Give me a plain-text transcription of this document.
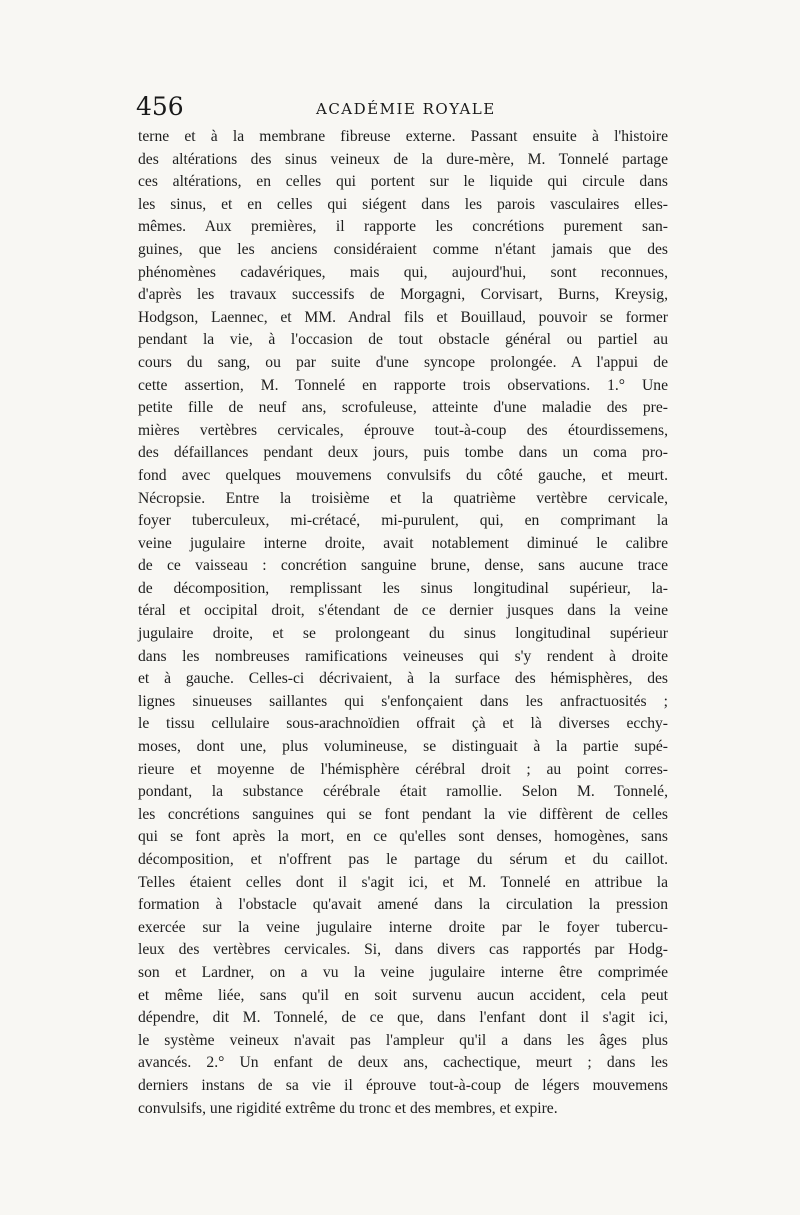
456	ACADÉMIE ROYALE
terne et à la membrane fibreuse externe. Passant ensuite à l'histoire
des altérations des sinus veineux de la dure-mère, M. Tonnelé partage
ces altérations, en celles qui portent sur le liquide qui circule dans
les sinus, et en celles qui siégent dans les parois vasculaires elles-
mêmes. Aux premières, il rapporte les concrétions purement san-
guines, que les anciens considéraient comme n'étant jamais que des
phénomènes cadavériques, mais qui, aujourd'hui, sont reconnues,
d'après les travaux successifs de Morgagni, Corvisart, Burns, Kreysig,
Hodgson, Laennec, et MM. Andral fils et Bouillaud, pouvoir se former
pendant la vie, à l'occasion de tout obstacle général ou partiel au
cours du sang, ou par suite d'une syncope prolongée. A l'appui de
cette assertion, M. Tonnelé en rapporte trois observations. 1.° Une
petite fille de neuf ans, scrofuleuse, atteinte d'une maladie des pre-
mières vertèbres cervicales, éprouve tout-à-coup des étourdissemens,
des défaillances pendant deux jours, puis tombe dans un coma pro-
fond avec quelques mouvemens convulsifs du côté gauche, et meurt.
Nécropsie. Entre la troisième et la quatrième vertèbre cervicale,
foyer tuberculeux, mi-crétacé, mi-purulent, qui, en comprimant la
veine jugulaire interne droite, avait notablement diminué le calibre
de ce vaisseau : concrétion sanguine brune, dense, sans aucune trace
de décomposition, remplissant les sinus longitudinal supérieur, la-
téral et occipital droit, s'étendant de ce dernier jusques dans la veine
jugulaire droite, et se prolongeant du sinus longitudinal supérieur
dans les nombreuses ramifications veineuses qui s'y rendent à droite
et à gauche. Celles-ci décrivaient, à la surface des hémisphères, des
lignes sinueuses saillantes qui s'enfonçaient dans les anfractuosités ;
le tissu cellulaire sous-arachnoïdien offrait çà et là diverses ecchy-
moses, dont une, plus volumineuse, se distinguait à la partie supé-
rieure et moyenne de l'hémisphère cérébral droit ; au point corres-
pondant, la substance cérébrale était ramollie. Selon M. Tonnelé,
les concrétions sanguines qui se font pendant la vie diffèrent de celles
qui se font après la mort, en ce qu'elles sont denses, homogènes, sans
décomposition, et n'offrent pas le partage du sérum et du caillot.
Telles étaient celles dont il s'agit ici, et M. Tonnelé en attribue la
formation à l'obstacle qu'avait amené dans la circulation la pression
exercée sur la veine jugulaire interne droite par le foyer tubercu-
leux des vertèbres cervicales. Si, dans divers cas rapportés par Hodg-
son et Lardner, on a vu la veine jugulaire interne être comprimée
et même liée, sans qu'il en soit survenu aucun accident, cela peut
dépendre, dit M. Tonnelé, de ce que, dans l'enfant dont il s'agit ici,
le système veineux n'avait pas l'ampleur qu'il a dans les âges plus
avancés. 2.° Un enfant de deux ans, cachectique, meurt ; dans les
derniers instans de sa vie il éprouve tout-à-coup de légers mouvemens
convulsifs, une rigidité extrême du tronc et des membres, et expire.
